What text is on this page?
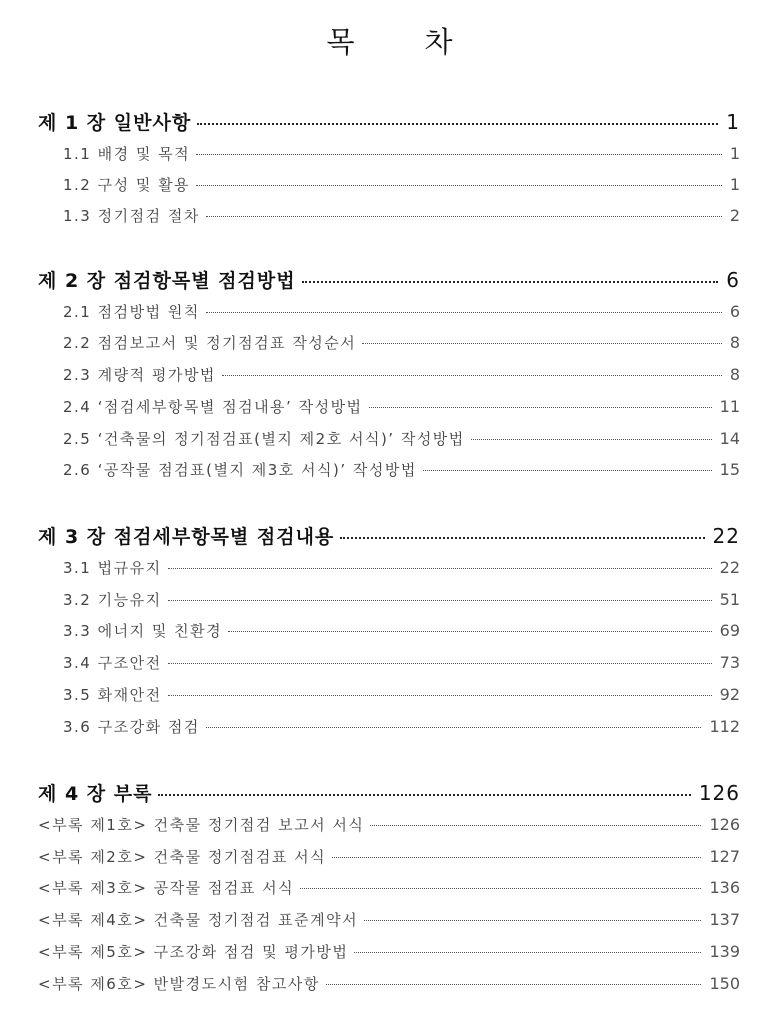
목 차
제 1 장 일반사항	1
1.1 배경 및 목적	1
1.2 구성 및 활용	1
1.3 정기점검 절차	2
제 2 장 점검항목별 점검방법	6
2.1 점검방법 원칙	6
2.2 점검보고서 및 정기점검표 작성순서	8
2.3 계량적 평가방법	8
2.4 ‘점검세부항목별 점검내용’ 작성방법	11
2.5 ‘건축물의 정기점검표(별지 제2호 서식)’ 작성방법	14
2.6 ‘공작물 점검표(별지 제3호 서식)’ 작성방법	15
제 3 장 점검세부항목별 점검내용	22
3.1 법규유지	22
3.2 기능유지	51
3.3 에너지 및 친환경	69
3.4 구조안전	73
3.5 화재안전	92
3.6 구조강화 점검	112
제 4 장 부록	126
<부록 제1호> 건축물 정기점검 보고서 서식	126
<부록 제2호> 건축물 정기점검표 서식	127
<부록 제3호> 공작물 점검표 서식	136
<부록 제4호> 건축물 정기점검 표준계약서	137
<부록 제5호> 구조강화 점검 및 평가방법	139
<부록 제6호> 반발경도시험 참고사항	150
